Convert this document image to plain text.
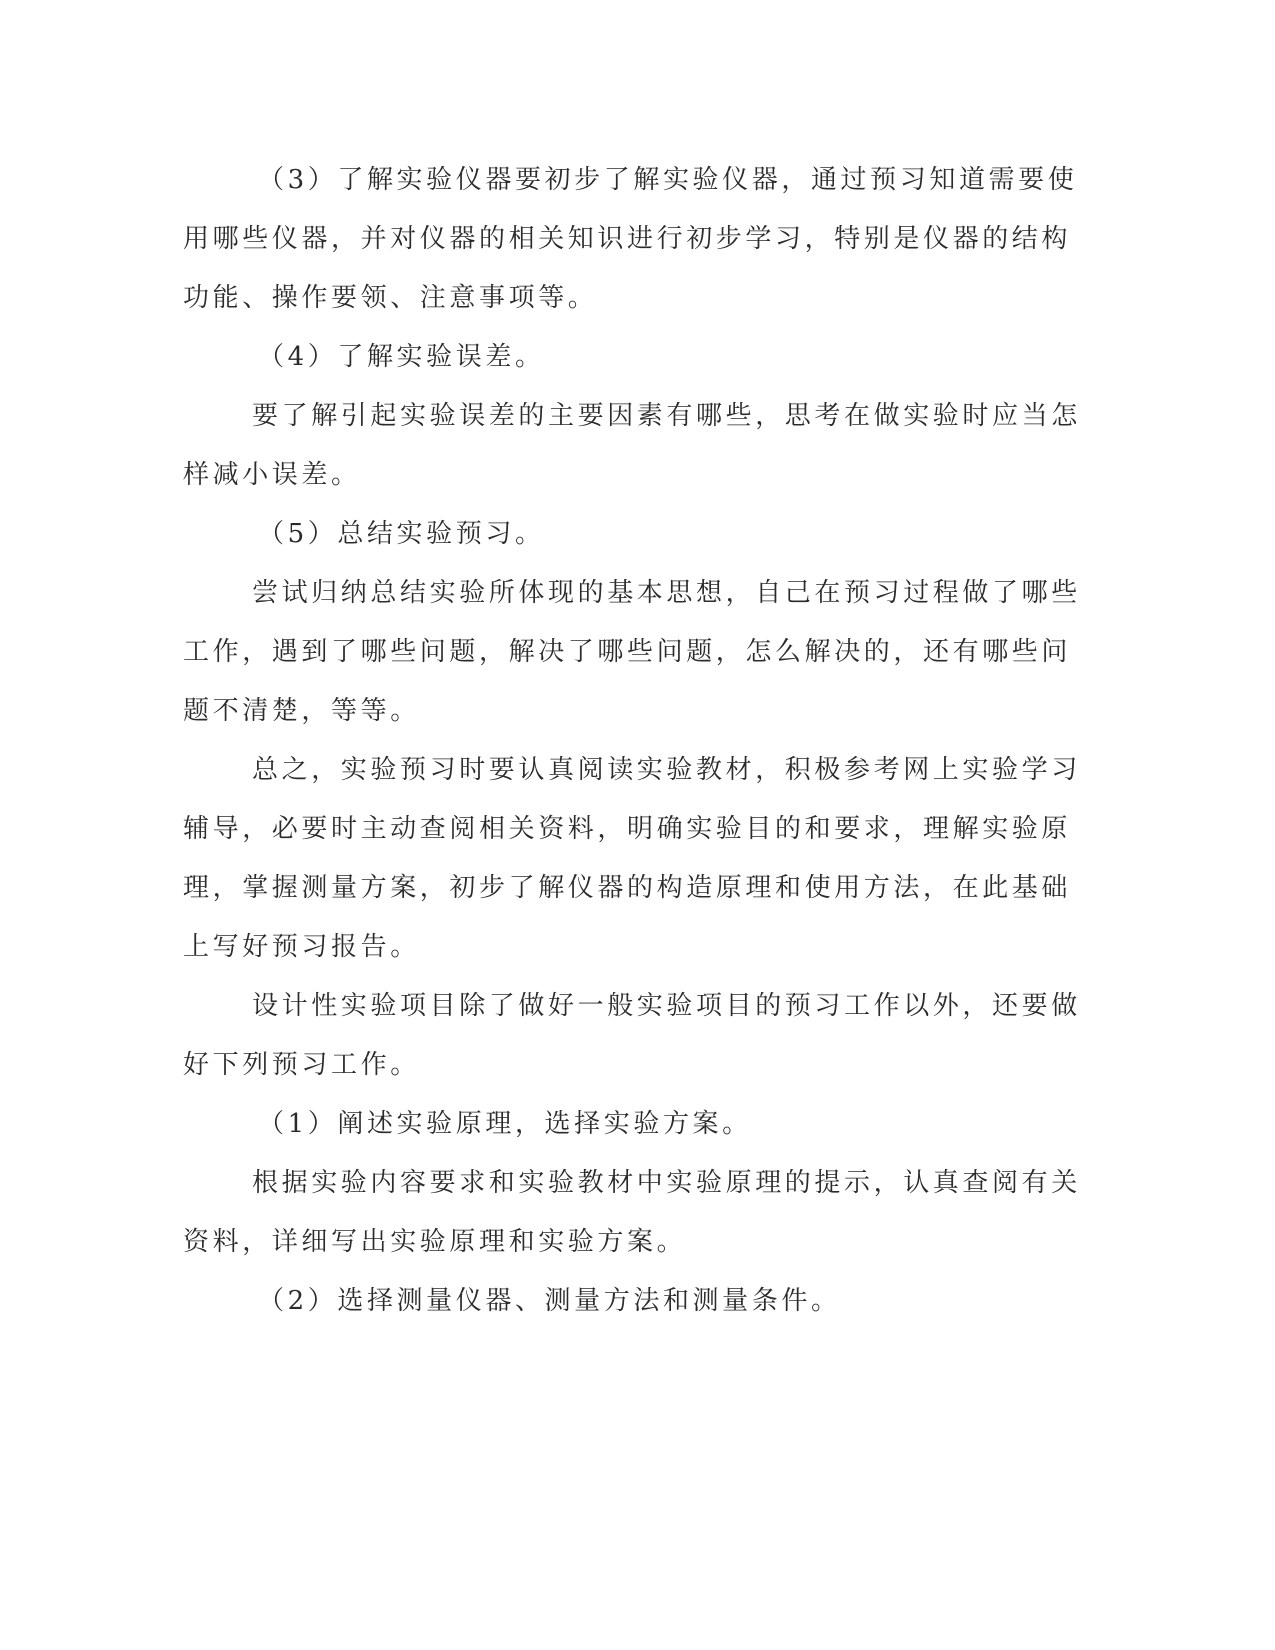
（3）了解实验仪器要初步了解实验仪器，通过预习知道需要使
用哪些仪器，并对仪器的相关知识进行初步学习，特别是仪器的结构
功能、操作要领、注意事项等。
（4）了解实验误差。
要了解引起实验误差的主要因素有哪些，思考在做实验时应当怎
样减小误差。
（5）总结实验预习。
尝试归纳总结实验所体现的基本思想，自己在预习过程做了哪些
工作，遇到了哪些问题，解决了哪些问题，怎么解决的，还有哪些问
题不清楚，等等。
总之，实验预习时要认真阅读实验教材，积极参考网上实验学习
辅导，必要时主动查阅相关资料，明确实验目的和要求，理解实验原
理，掌握测量方案，初步了解仪器的构造原理和使用方法，在此基础
上写好预习报告。
设计性实验项目除了做好一般实验项目的预习工作以外，还要做
好下列预习工作。
（1）阐述实验原理，选择实验方案。
根据实验内容要求和实验教材中实验原理的提示，认真查阅有关
资料，详细写出实验原理和实验方案。
（2）选择测量仪器、测量方法和测量条件。
